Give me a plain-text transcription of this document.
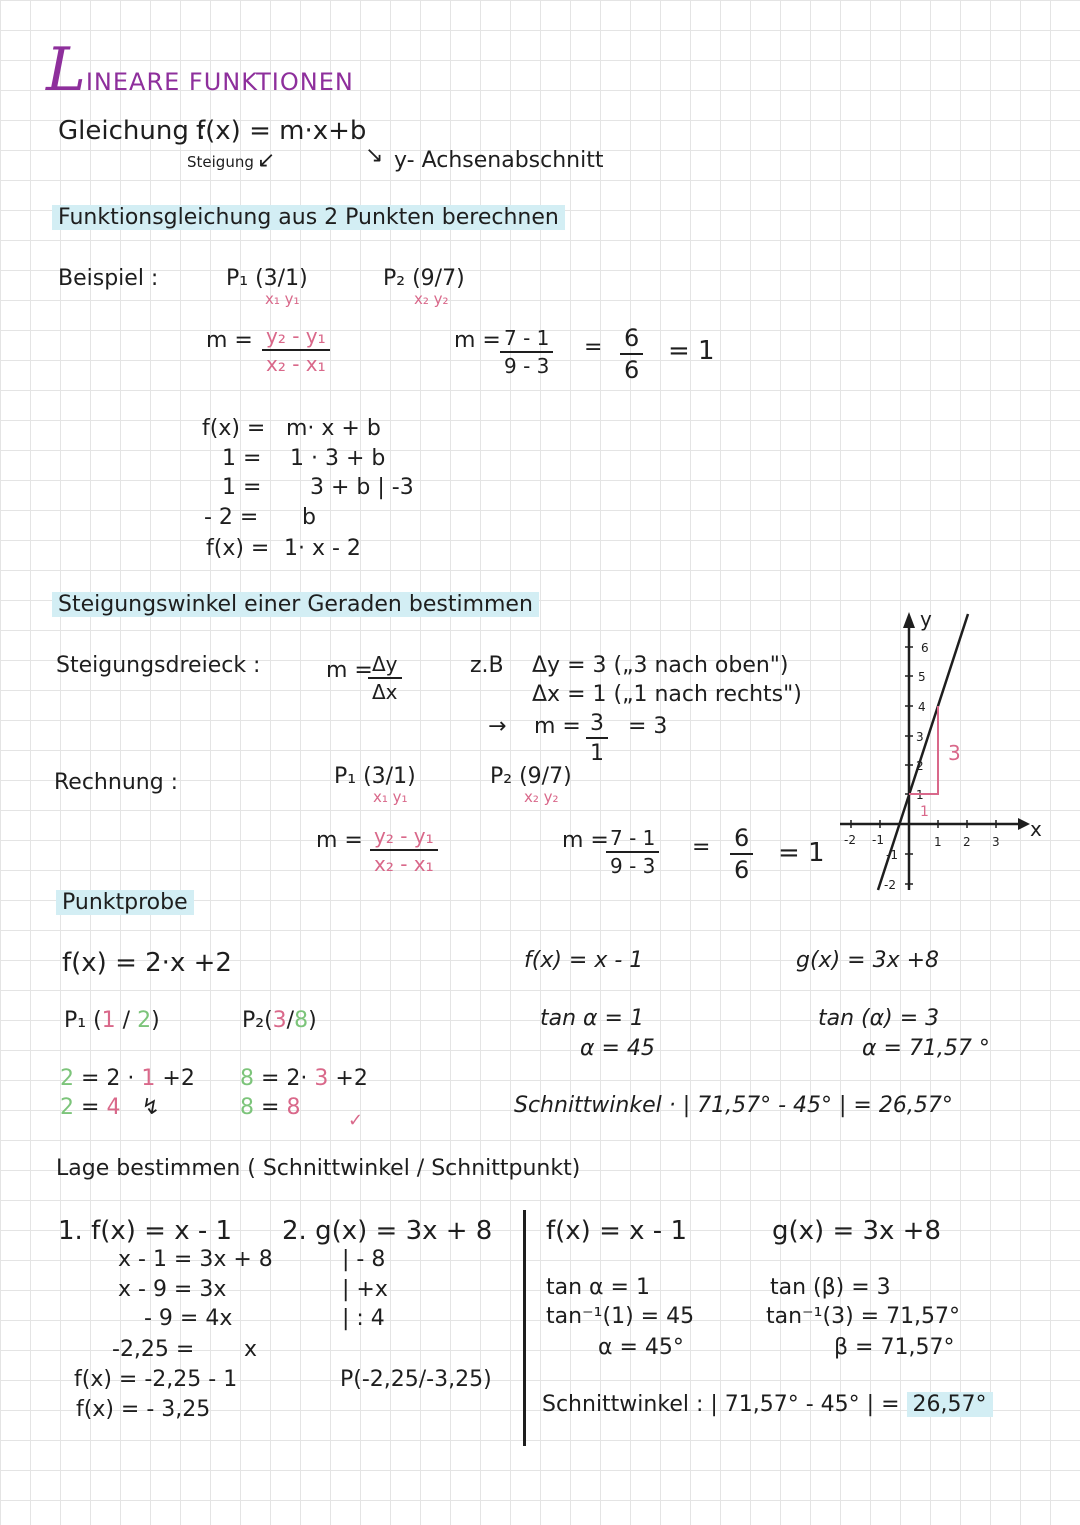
LINEARE FUNKTIONEN
Gleichung :
f(x) = m·x+b
Steigung ↙	↘ y- Achsenabschnitt
Funktionsgleichung aus 2 Punkten berechnen
Beispiel :	P₁ (3/1)
x₁ y₁
P₂ (9/7)
x₂ y₂
$m = \frac{\text{y₂ - y₁}}{\text{x₂ - x₁}}$	$m = \frac{7 - 1}{9 - 3} = \frac{6}{6} = 1$
f(x) = m· x + b
1 = 1 · 3 + b
1 = 3 + b | -3
- 2 = b
f(x) = 1· x - 2
Steigungswinkel einer Geraden bestimmen
Steigungsdreieck :	m =
$\frac{\Delta y}{\Delta x}$	z.B Δy = 3 („3 nach oben")
Δx = 1 („1 nach rechts")
→ $m = \frac{3}{1} = 3$
Rechnung :	P₁ (3/1)
x₁ y₁
P₂ (9/7)
x₂ y₂
$m = \frac{\text{y₂ - y₁}}{\text{x₂ - x₁}}$	m =
$\frac{7 - 1}{9 - 3} = \frac{6}{6} = 1$ -2 -1	1 2 3
6
5
4
3
2
1
-1
-2
x
y
3
1
Punktprobe
f(x) = 2·x +2
P₁ (1 / 2)	P₂(3/8)
2 = 2 · 1 +2
2 = 4 ↯
8 = 2· 3 +2
8 = 8
✓
f(x) = x - 1
tan α = 1
α = 45
g(x) = 3x +8
tan (α) = 3
α = 71,57 °
Schnittwinkel · | 71,57° - 45° | = 26,57°
Lage bestimmen ( Schnittwinkel / Schnittpunkt)
1. f(x) = x - 1 2. g(x) = 3x + 8
x - 1 = 3x + 8	| - 8
x - 9 = 3x	| +x
- 9 = 4x	| : 4
-2,25 = x
f(x) = -2,25 - 1	P(-2,25/-3,25)
f(x) = - 3,25
f(x) = x - 1
tan α = 1
tan⁻¹(1) = 45
α = 45°
g(x) = 3x +8
tan (β) = 3
tan⁻¹(3) = 71,57°
β = 71,57°
Schnittwinkel : | 71,57° - 45° | = 26,57°
